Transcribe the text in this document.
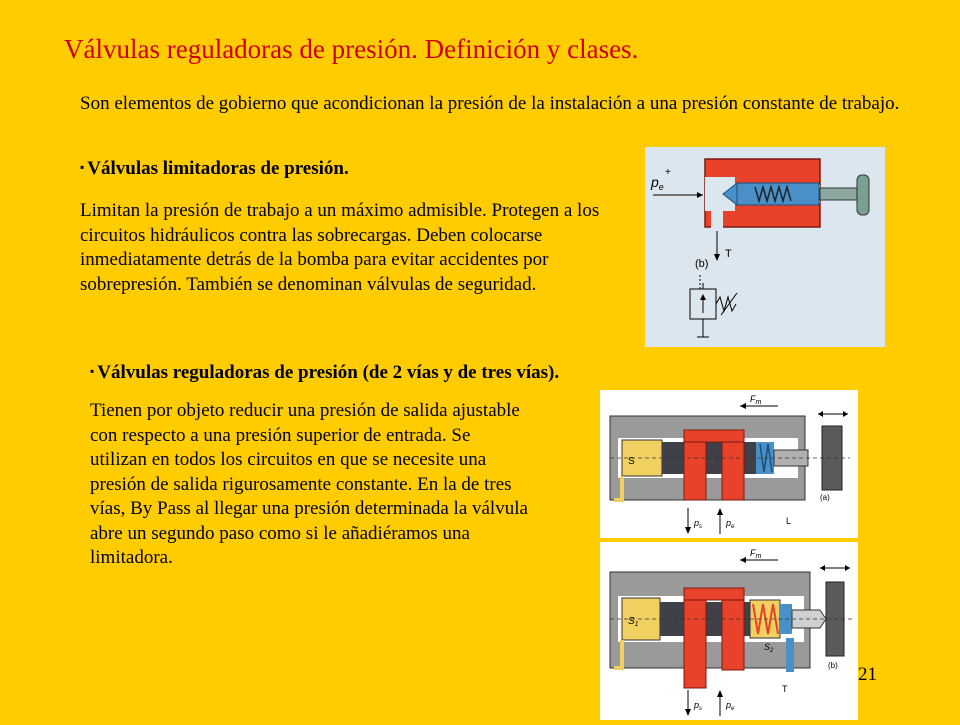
Válvulas reguladoras de presión. Definición y clases.
Son elementos de gobierno que acondicionan la presión de la instalación a una presión constante de trabajo.
▪ Válvulas limitadoras de presión.
Limitan la presión de trabajo a un máximo admisible. Protegen a los circuitos hidráulicos contra las sobrecargas. Deben colocarse inmediatamente detrás de la bomba para evitar accidentes por sobrepresión. También se denominan válvulas de seguridad.
▪ Válvulas reguladoras de presión (de 2 vías y de tres vías).
Tienen por objeto reducir una presión de salida ajustable con respecto a una presión superior de entrada. Se utilizan en todos los circuitos en que se necesite una presión de salida rigurosamente constante. En la de tres vías, By Pass al llegar una presión determinada la válvula abre un segundo paso como si le añadiéramos una limitadora.
21
$p_e$
+
T
(b)
S
$F_m$
(a)
$p_s$	$p_e$
L
$S_1$
$S_2$
$F_m$
(b)
T
$p_s$	$p_e$
